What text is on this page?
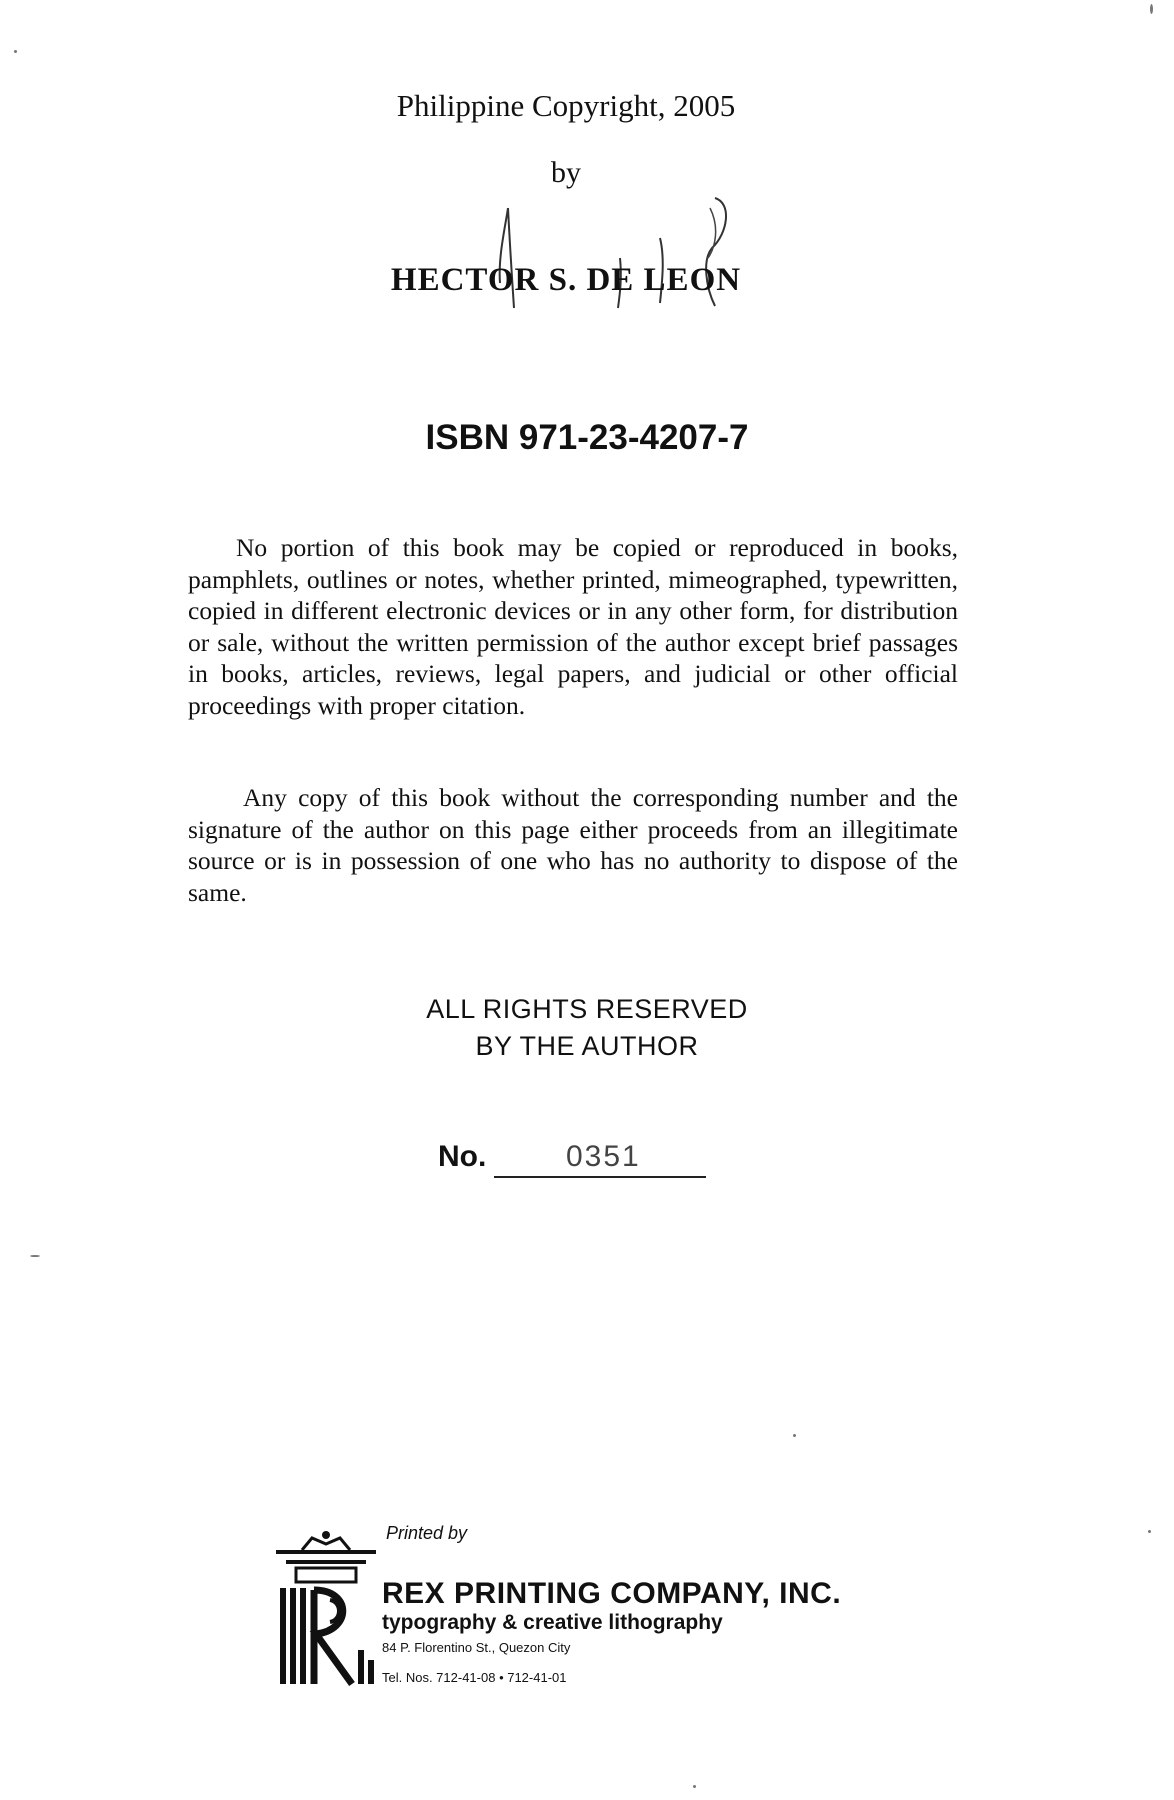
Philippine Copyright, 2005
by
HECTOR S. DE LEON
ISBN 971-23-4207-7

No portion of this book may be copied or reproduced in books, pamphlets, outlines or notes, whether printed, mimeographed, typewritten, copied in different electronic devices or in any other form, for distribution or sale, without the written permission of the author except brief passages in books, articles, reviews, legal papers, and judicial or other official proceedings with proper citation.

Any copy of this book without the corresponding number and the signature of the author on this page either proceeds from an illegitimate source or is in possession of one who has no authority to dispose of the same.

ALL RIGHTS RESERVED
BY THE AUTHOR
No.	0351
Printed by
REX PRINTING COMPANY, INC.
typography & creative lithography
84 P. Florentino St., Quezon City
Tel. Nos. 712-41-08 • 712-41-01
